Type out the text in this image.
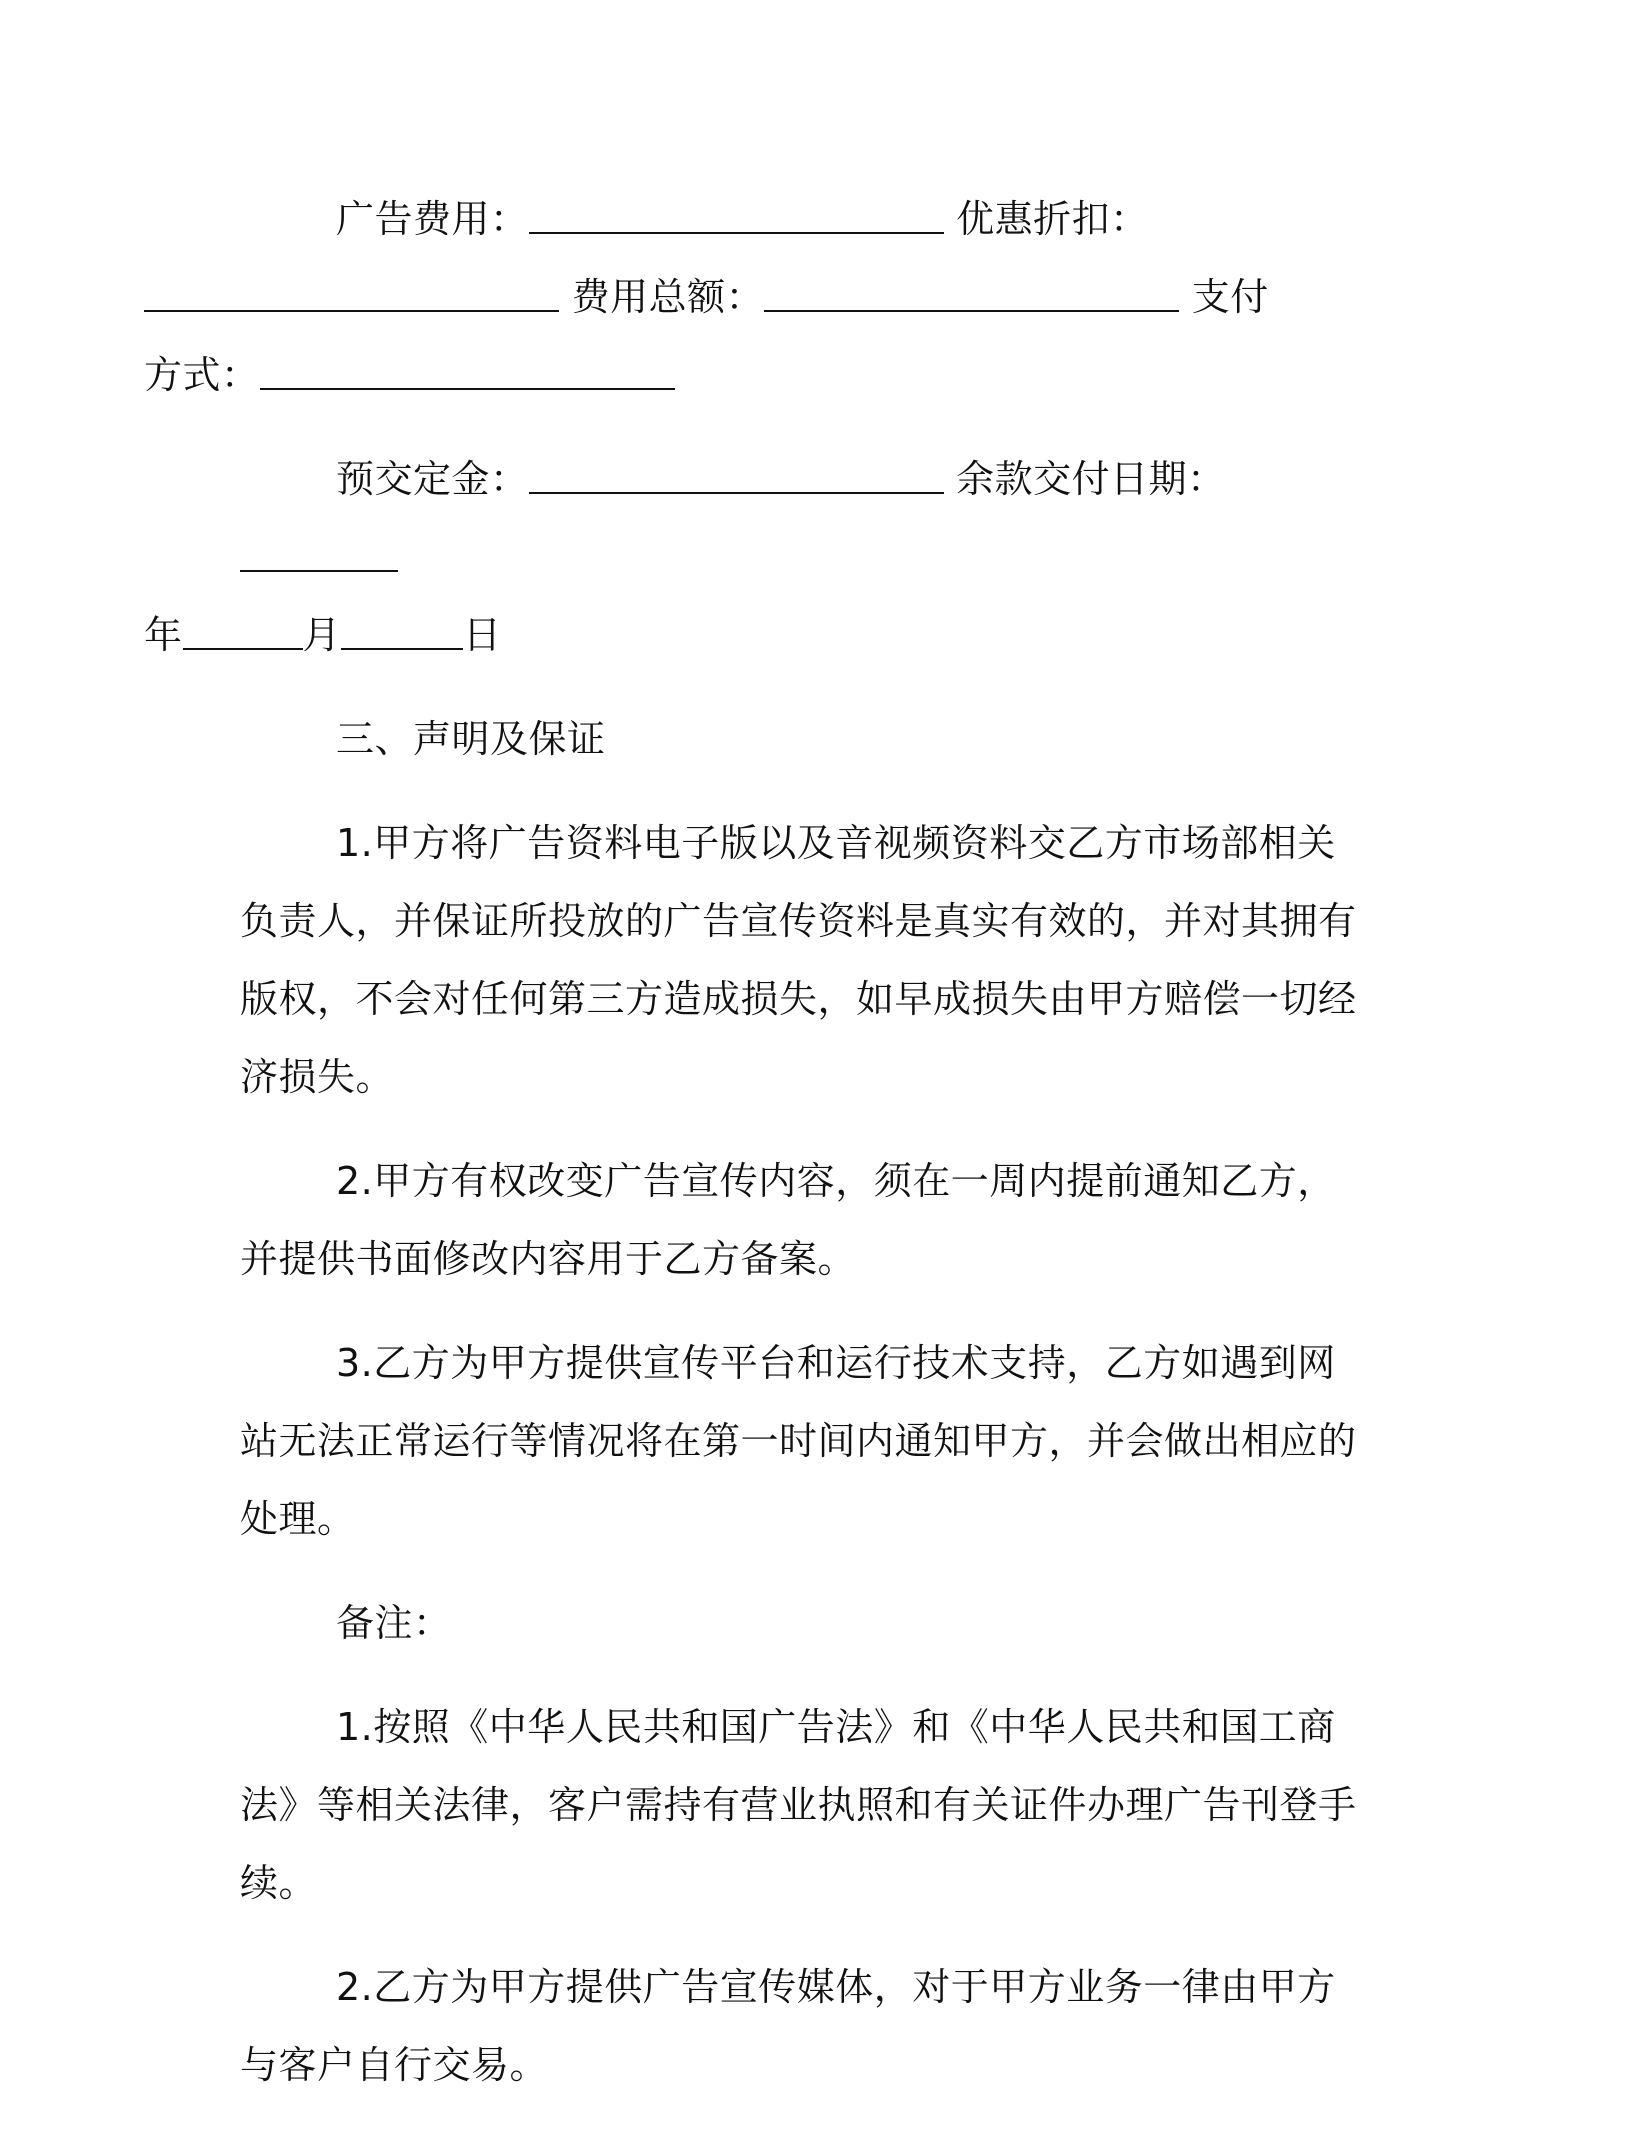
广告费用：	优惠折扣：
费用总额：	支付
方式：
预交定金：	余款交付日期：
年	月	日
三、声明及保证
1.甲方将广告资料电子版以及音视频资料交乙方市场部相关负责人，并保证所投放的广告宣传资料是真实有效的，并对其拥有版权，不会对任何第三方造成损失，如早成损失由甲方赔偿一切经济损失。
2.甲方有权改变广告宣传内容，须在一周内提前通知乙方，并提供书面修改内容用于乙方备案。
3.乙方为甲方提供宣传平台和运行技术支持，乙方如遇到网站无法正常运行等情况将在第一时间内通知甲方，并会做出相应的处理。
备注：
1.按照《中华人民共和国广告法》和《中华人民共和国工商法》等相关法律，客户需持有营业执照和有关证件办理广告刊登手续。
2.乙方为甲方提供广告宣传媒体，对于甲方业务一律由甲方与客户自行交易。
